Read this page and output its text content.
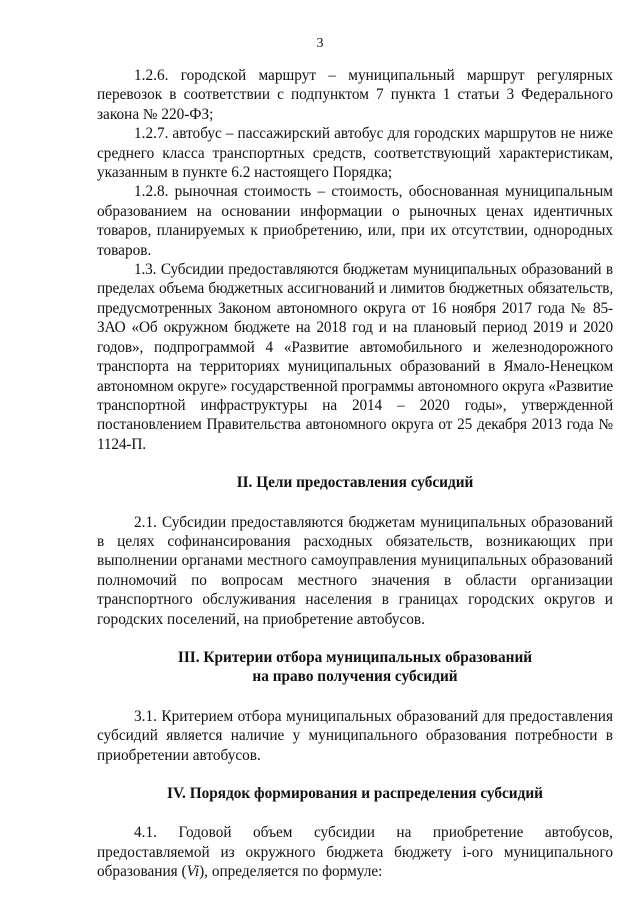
3

1.2.6. городской маршрут – муниципальный маршрут регулярных перевозок в соответствии с подпунктом 7 пункта 1 статьи 3 Федерального закона № 220-ФЗ;

1.2.7. автобус – пассажирский автобус для городских маршрутов не ниже среднего класса транспортных средств, соответствующий характеристикам, указанным в пункте 6.2 настоящего Порядка;

1.2.8. рыночная стоимость – стоимость, обоснованная муниципальным образованием на основании информации о рыночных ценах идентичных товаров, планируемых к приобретению, или, при их отсутствии, однородных товаров.

1.3. Субсидии предоставляются бюджетам муниципальных образований в пределах объема бюджетных ассигнований и лимитов бюджетных обязательств, предусмотренных Законом автономного округа от 16 ноября 2017 года № 85-ЗАО «Об окружном бюджете на 2018 год и на плановый период 2019 и 2020 годов», подпрограммой 4 «Развитие автомобильного и железнодорожного транспорта на территориях муниципальных образований в Ямало-Ненецком автономном округе» государственной программы автономного округа «Развитие транспортной инфраструктуры на 2014 – 2020 годы», утвержденной постановлением Правительства автономного округа от 25 декабря 2013 года № 1124-П.

II. Цели предоставления субсидий

2.1. Субсидии предоставляются бюджетам муниципальных образований в целях софинансирования расходных обязательств, возникающих при выполнении органами местного самоуправления муниципальных образований полномочий по вопросам местного значения в области организации транспортного обслуживания населения в границах городских округов и городских поселений, на приобретение автобусов.

III. Критерии отбора муниципальных образований
на право получения субсидий

3.1. Критерием отбора муниципальных образований для предоставления субсидий является наличие у муниципального образования потребности в приобретении автобусов.

IV. Порядок формирования и распределения субсидий

4.1. Годовой объем субсидии на приобретение автобусов, предоставляемой из окружного бюджета бюджету i-ого муниципального образования (Vi), определяется по формуле:
